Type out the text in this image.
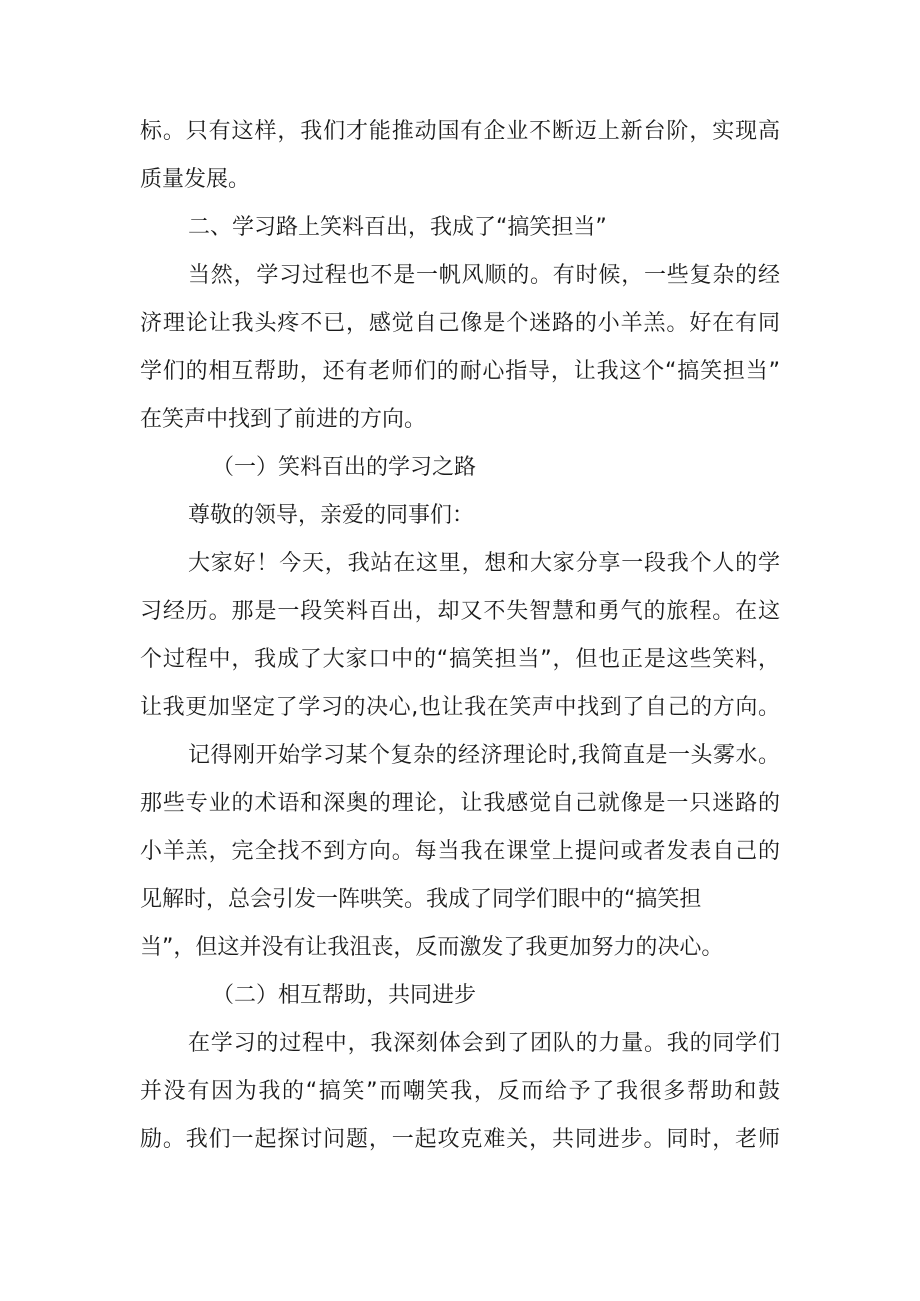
标。只有这样，我们才能推动国有企业不断迈上新台阶，实现高
质量发展。
二、学习路上笑料百出，我成了“搞笑担当”
当然，学习过程也不是一帆风顺的。有时候，一些复杂的经
济理论让我头疼不已，感觉自己像是个迷路的小羊羔。好在有同
学们的相互帮助，还有老师们的耐心指导，让我这个“搞笑担当”
在笑声中找到了前进的方向。
（一）笑料百出的学习之路
尊敬的领导，亲爱的同事们：
大家好！今天，我站在这里，想和大家分享一段我个人的学
习经历。那是一段笑料百出，却又不失智慧和勇气的旅程。在这
个过程中，我成了大家口中的“搞笑担当”，但也正是这些笑料，
让我更加坚定了学习的决心,也让我在笑声中找到了自己的方向。
记得刚开始学习某个复杂的经济理论时,我简直是一头雾水。
那些专业的术语和深奥的理论，让我感觉自己就像是一只迷路的
小羊羔，完全找不到方向。每当我在课堂上提问或者发表自己的
见解时，总会引发一阵哄笑。我成了同学们眼中的“搞笑担
当”，但这并没有让我沮丧，反而激发了我更加努力的决心。
（二）相互帮助，共同进步
在学习的过程中，我深刻体会到了团队的力量。我的同学们
并没有因为我的“搞笑”而嘲笑我，反而给予了我很多帮助和鼓
励。我们一起探讨问题，一起攻克难关，共同进步。同时，老师
